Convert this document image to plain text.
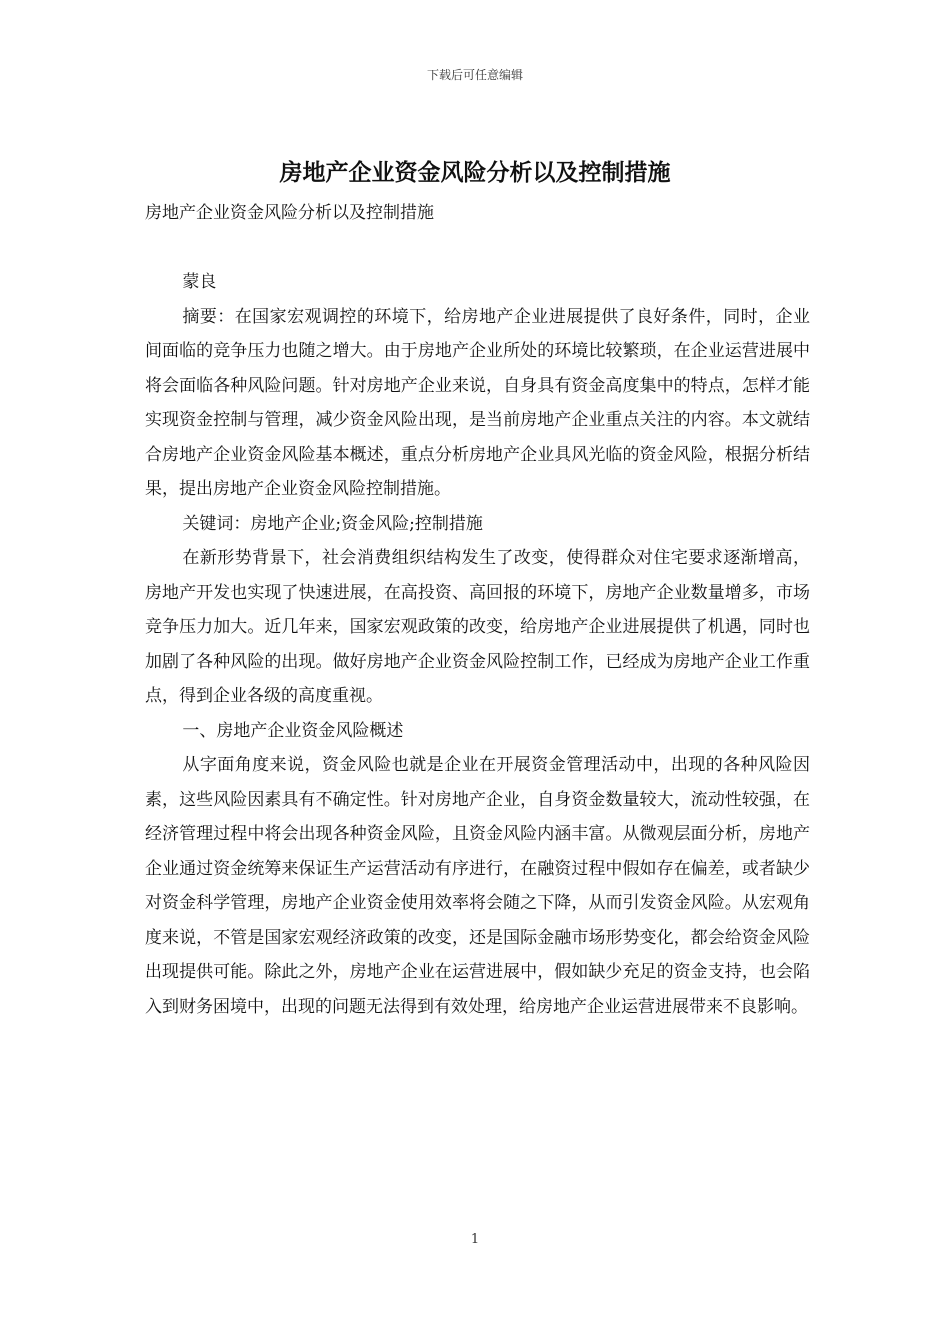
下载后可任意编辑
房地产企业资金风险分析以及控制措施

房地产企业资金风险分析以及控制措施

蒙良

摘要：在国家宏观调控的环境下，给房地产企业进展提供了良好条件，同时，企业间面临的竞争压力也随之增大。由于房地产企业所处的环境比较繁琐，在企业运营进展中将会面临各种风险问题。针对房地产企业来说，自身具有资金高度集中的特点，怎样才能实现资金控制与管理，减少资金风险出现，是当前房地产企业重点关注的内容。本文就结合房地产企业资金风险基本概述，重点分析房地产企业具风光临的资金风险，根据分析结果，提出房地产企业资金风险控制措施。

关键词：房地产企业;资金风险;控制措施

在新形势背景下，社会消费组织结构发生了改变，使得群众对住宅要求逐渐增高，房地产开发也实现了快速进展，在高投资、高回报的环境下，房地产企业数量增多，市场竞争压力加大。近几年来，国家宏观政策的改变，给房地产企业进展提供了机遇，同时也加剧了各种风险的出现。做好房地产企业资金风险控制工作，已经成为房地产企业工作重点，得到企业各级的高度重视。

一、房地产企业资金风险概述

从字面角度来说，资金风险也就是企业在开展资金管理活动中，出现的各种风险因素，这些风险因素具有不确定性。针对房地产企业，自身资金数量较大，流动性较强，在经济管理过程中将会出现各种资金风险，且资金风险内涵丰富。从微观层面分析，房地产企业通过资金统筹来保证生产运营活动有序进行，在融资过程中假如存在偏差，或者缺少对资金科学管理，房地产企业资金使用效率将会随之下降，从而引发资金风险。从宏观角度来说，不管是国家宏观经济政策的改变，还是国际金融市场形势变化，都会给资金风险出现提供可能。除此之外，房地产企业在运营进展中，假如缺少充足的资金支持，也会陷入到财务困境中，出现的问题无法得到有效处理，给房地产企业运营进展带来不良影响。

1
